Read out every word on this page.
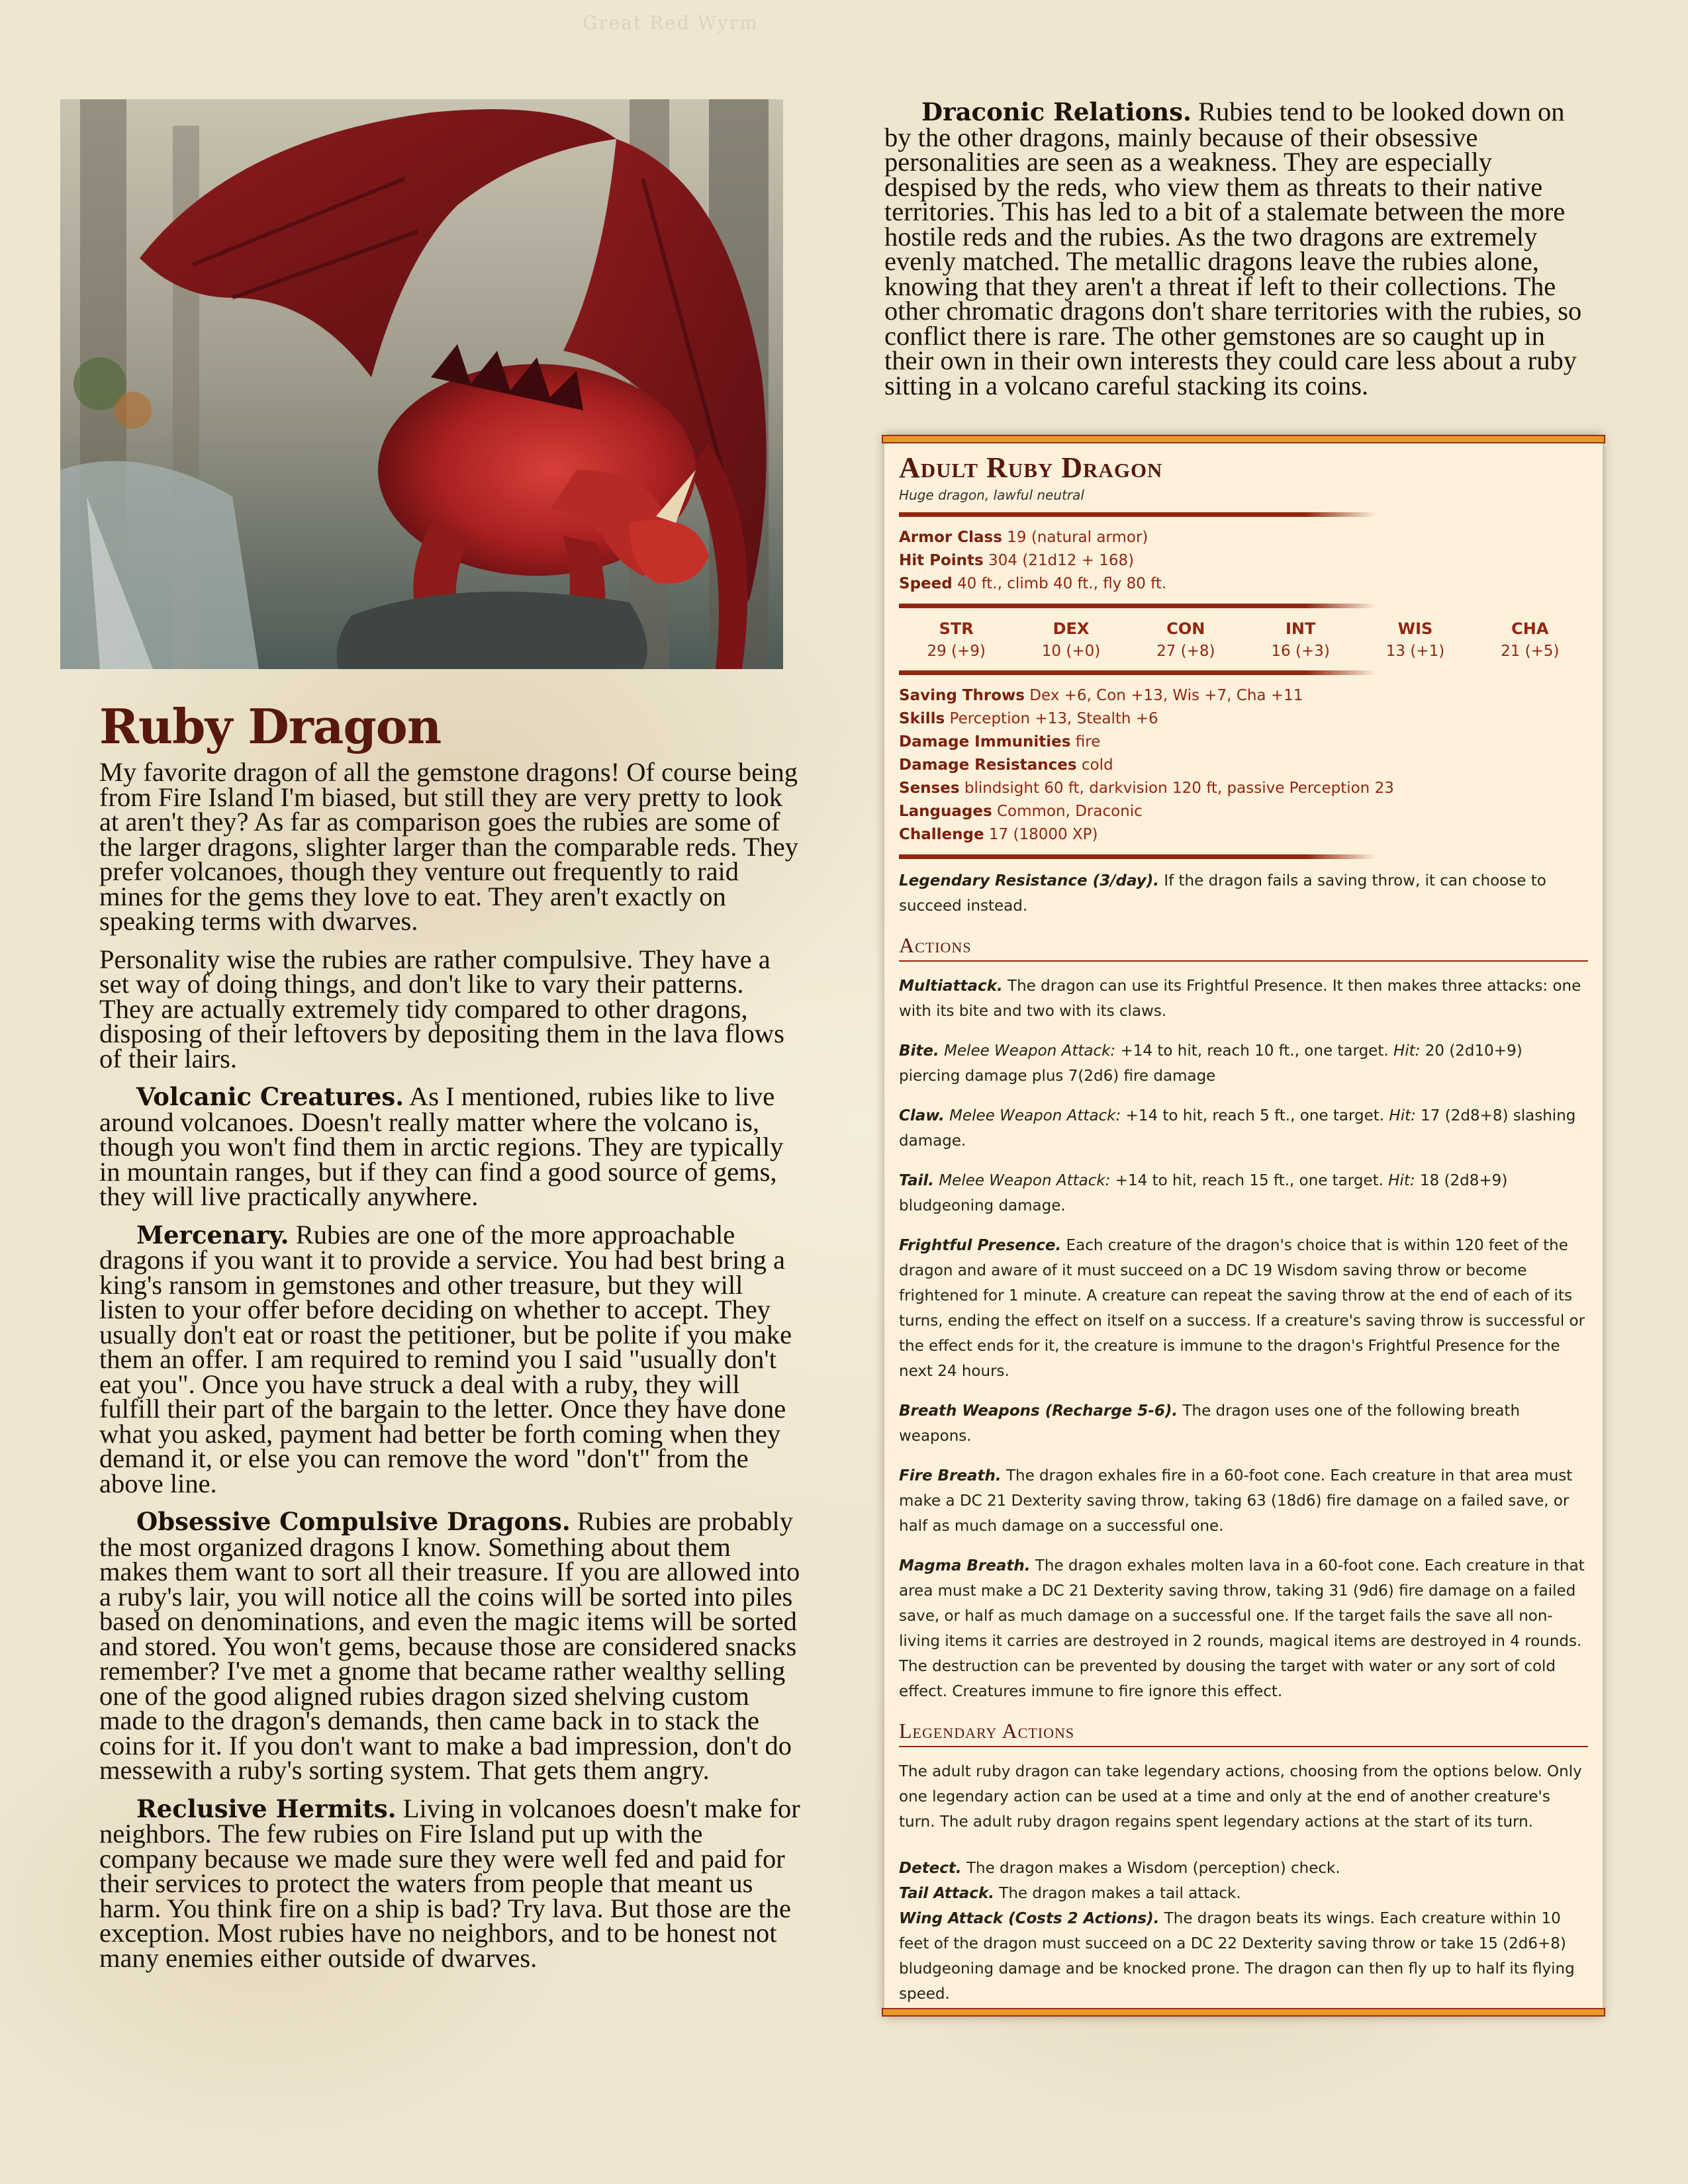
Great Red Wyrm
Ruby Dragon

My favorite dragon of all the gemstone dragons! Of course being from Fire Island I'm biased, but still they are very pretty to look at aren't they? As far as comparison goes the rubies are some of the larger dragons, slighter larger than the comparable reds. They prefer volcanoes, though they venture out frequently to raid mines for the gems they love to eat. They aren't exactly on speaking terms with dwarves.

Personality wise the rubies are rather compulsive. They have a set way of doing things, and don't like to vary their patterns. They are actually extremely tidy compared to other dragons, disposing of their leftovers by depositing them in the lava flows of their lairs.

Volcanic Creatures. As I mentioned, rubies like to live around volcanoes. Doesn't really matter where the volcano is, though you won't find them in arctic regions. They are typically in mountain ranges, but if they can find a good source of gems, they will live practically anywhere.

Mercenary. Rubies are one of the more approachable dragons if you want it to provide a service. You had best bring a king's ransom in gemstones and other treasure, but they will listen to your offer before deciding on whether to accept. They usually don't eat or roast the petitioner, but be polite if you make them an offer. I am required to remind you I said "usually don't eat you". Once you have struck a deal with a ruby, they will fulfill their part of the bargain to the letter. Once they have done what you asked, payment had better be forth coming when they demand it, or else you can remove the word "don't" from the above line.

Obsessive Compulsive Dragons. Rubies are probably the most organized dragons I know. Something about them makes them want to sort all their treasure. If you are allowed into a ruby's lair, you will notice all the coins will be sorted into piles based on denominations, and even the magic items will be sorted and stored. You won't gems, because those are considered snacks remember? I've met a gnome that became rather wealthy selling one of the good aligned rubies dragon sized shelving custom made to the dragon's demands, then came back in to stack the coins for it. If you don't want to make a bad impression, don't do messewith a ruby's sorting system. That gets them angry.

Reclusive Hermits. Living in volcanoes doesn't make for neighbors. The few rubies on Fire Island put up with the company because we made sure they were well fed and paid for their services to protect the waters from people that meant us harm. You think fire on a ship is bad? Try lava. But those are the exception. Most rubies have no neighbors, and to be honest not many enemies either outside of dwarves.

Draconic Relations. Rubies tend to be looked down on by the other dragons, mainly because of their obsessive personalities are seen as a weakness. They are especially despised by the reds, who view them as threats to their native territories. This has led to a bit of a stalemate between the more hostile reds and the rubies. As the two dragons are extremely evenly matched. The metallic dragons leave the rubies alone, knowing that they aren't a threat if left to their collections. The other chromatic dragons don't share territories with the rubies, so conflict there is rare. The other gemstones are so caught up in their own in their own interests they could care less about a ruby sitting in a volcano careful stacking its coins.

Adult Ruby Dragon
Huge dragon, lawful neutral
Armor Class 19 (natural armor)
Hit Points 304 (21d12 + 168)
Speed 40 ft., climb 40 ft., fly 80 ft.
STR
29 (+9)
DEX
10 (+0)
CON
27 (+8)
INT
16 (+3)
WIS
13 (+1)
CHA
21 (+5)
Saving Throws Dex +6, Con +13, Wis +7, Cha +11
Skills Perception +13, Stealth +6
Damage Immunities fire
Damage Resistances cold
Senses blindsight 60 ft, darkvision 120 ft, passive Perception 23
Languages Common, Draconic
Challenge 17 (18000 XP)

Legendary Resistance (3/day). If the dragon fails a saving throw, it can choose to succeed instead.

Actions

Multiattack. The dragon can use its Frightful Presence. It then makes three attacks: one with its bite and two with its claws.

Bite. Melee Weapon Attack: +14 to hit, reach 10 ft., one target. Hit: 20 (2d10+9) piercing damage plus 7(2d6) fire damage

Claw. Melee Weapon Attack: +14 to hit, reach 5 ft., one target. Hit: 17 (2d8+8) slashing damage.

Tail. Melee Weapon Attack: +14 to hit, reach 15 ft., one target. Hit: 18 (2d8+9) bludgeoning damage.

Frightful Presence. Each creature of the dragon's choice that is within 120 feet of the dragon and aware of it must succeed on a DC 19 Wisdom saving throw or become frightened for 1 minute. A creature can repeat the saving throw at the end of each of its turns, ending the effect on itself on a success. If a creature's saving throw is successful or the effect ends for it, the creature is immune to the dragon's Frightful Presence for the next 24 hours.

Breath Weapons (Recharge 5-6). The dragon uses one of the following breath weapons.

Fire Breath. The dragon exhales fire in a 60-foot cone. Each creature in that area must make a DC 21 Dexterity saving throw, taking 63 (18d6) fire damage on a failed save, or half as much damage on a successful one.

Magma Breath. The dragon exhales molten lava in a 60-foot cone. Each creature in that area must make a DC 21 Dexterity saving throw, taking 31 (9d6) fire damage on a failed save, or half as much damage on a successful one. If the target fails the save all non-living items it carries are destroyed in 2 rounds, magical items are destroyed in 4 rounds. The destruction can be prevented by dousing the target with water or any sort of cold effect. Creatures immune to fire ignore this effect.

Legendary Actions

The adult ruby dragon can take legendary actions, choosing from the options below. Only one legendary action can be used at a time and only at the end of another creature's turn. The adult ruby dragon regains spent legendary actions at the start of its turn.

Detect. The dragon makes a Wisdom (perception) check.

Tail Attack. The dragon makes a tail attack.

Wing Attack (Costs 2 Actions). The dragon beats its wings. Each creature within 10 feet of the dragon must succeed on a DC 22 Dexterity saving throw or take 15 (2d6+8) bludgeoning damage and be knocked prone. The dragon can then fly up to half its flying speed.
